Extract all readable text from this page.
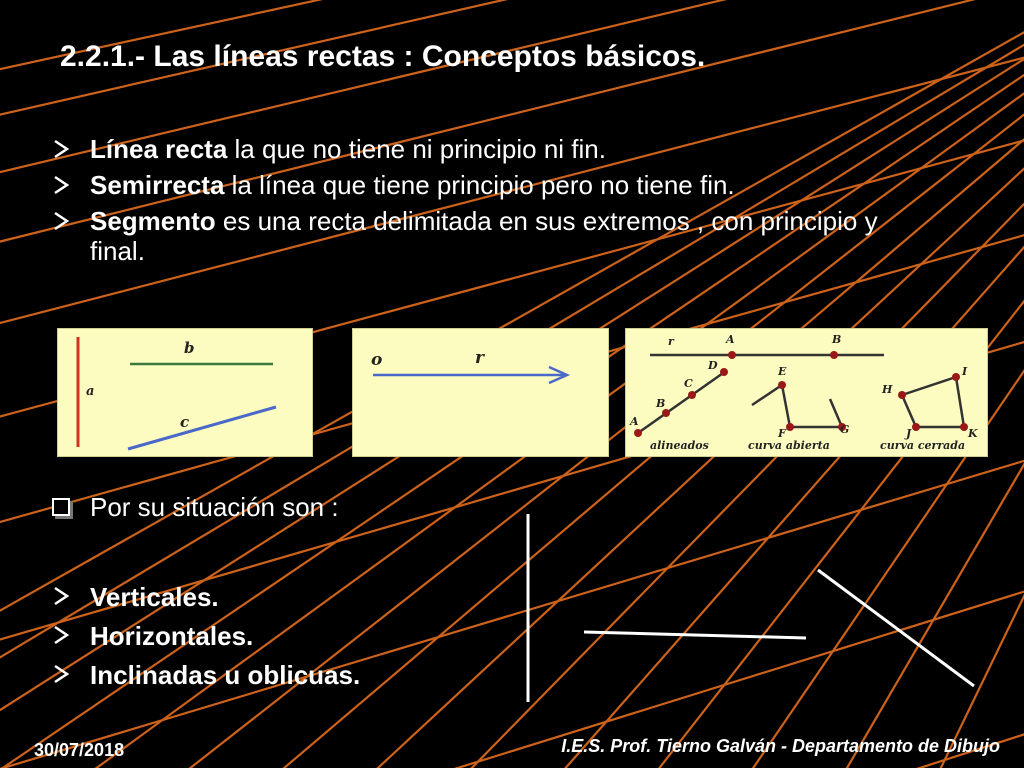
2.2.1.- Las líneas rectas : Conceptos básicos.
Línea recta la que no tiene ni principio ni fin.
Semirrecta la línea que tiene principio pero no tiene fin.
Segmento es una recta delimitada en sus extremos , con principio y final.
a
b
c
o	r
r	A	B
A
B
C
D
alineados
E
F	G
curva abierta
H
I
J	K
curva cerrada
Por su situación son :
Verticales.
Horizontales.
Inclinadas u oblicuas.
30/07/2018	I.E.S. Prof. Tierno Galván - Departamento de Dibujo
